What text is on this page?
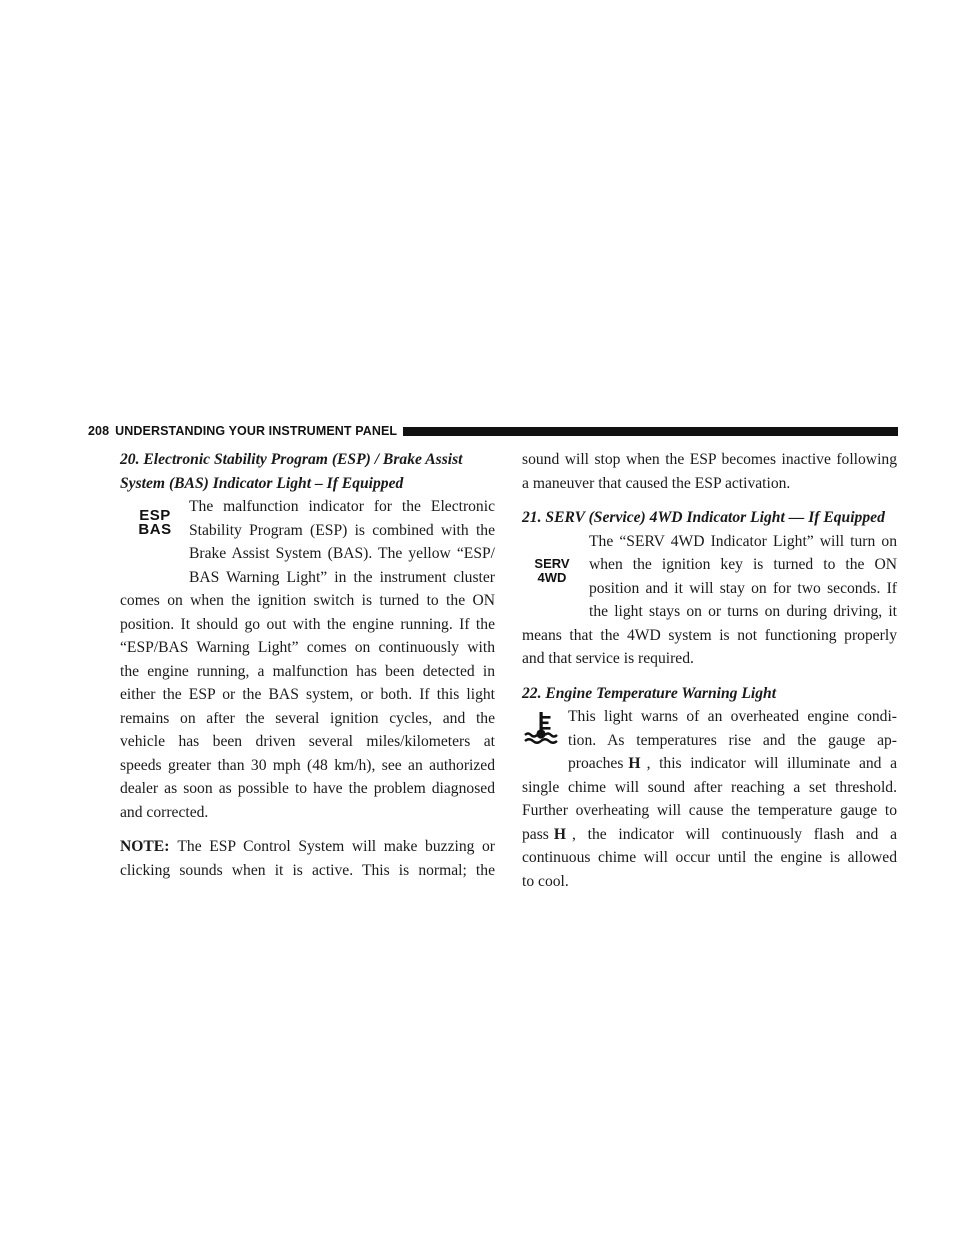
208 UNDERSTANDING YOUR INSTRUMENT PANEL
20. Electronic Stability Program (ESP) / Brake Assist
System (BAS) Indicator Light – If Equipped
ESP
BAS
The malfunction indicator for the Electronic
Stability Program (ESP) is combined with the
Brake Assist System (BAS). The yellow “ESP/
BAS Warning Light” in the instrument cluster
comes on when the ignition switch is turned to the ON
position. It should go out with the engine running. If the
“ESP/BAS Warning Light” comes on continuously with
the engine running, a malfunction has been detected in
either the ESP or the BAS system, or both. If this light
remains on after the several ignition cycles, and the
vehicle has been driven several miles/kilometers at
speeds greater than 30 mph (48 km/h), see an authorized
dealer as soon as possible to have the problem diagnosed
and corrected.
NOTE: The ESP Control System will make buzzing or
clicking sounds when it is active. This is normal; the
sound will stop when the ESP becomes inactive following
a maneuver that caused the ESP activation.
21. SERV (Service) 4WD Indicator Light — If Equipped
SERV
4WD
The “SERV 4WD Indicator Light” will turn on
when the ignition key is turned to the ON
position and it will stay on for two seconds. If
the light stays on or turns on during driving, it
means that the 4WD system is not functioning properly
and that service is required.
22. Engine Temperature Warning Light
This light warns of an overheated engine condi-
tion. As temperatures rise and the gauge ap-
proaches H , this indicator will illuminate and a
single chime will sound after reaching a set threshold.
Further overheating will cause the temperature gauge to
pass H , the indicator will continuously flash and a
continuous chime will occur until the engine is allowed
to cool.
